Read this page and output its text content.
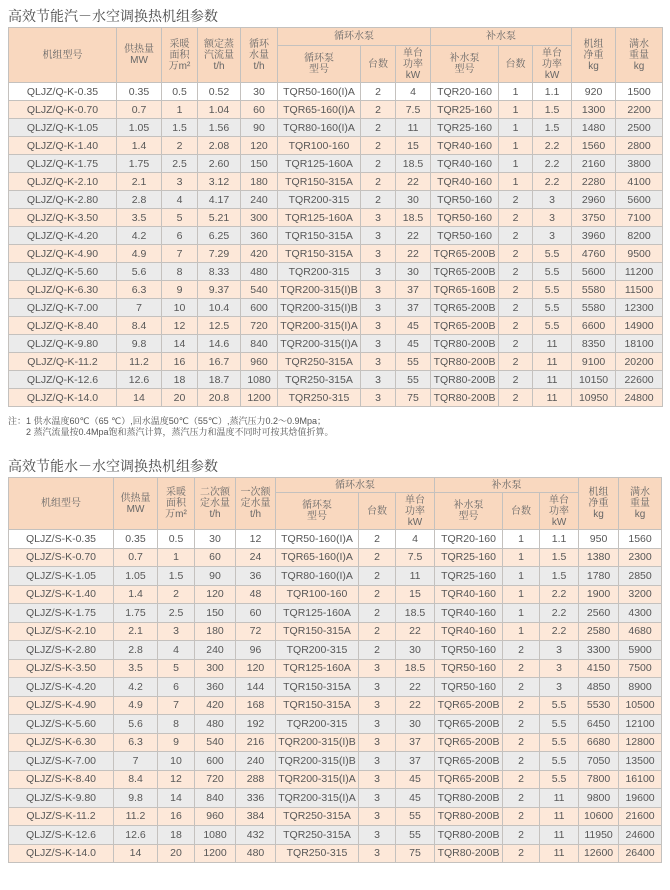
高效节能汽－水空调换热机组参数
机组型号	供热量
MW	采暖
面积
万m²	额定蒸
汽流量
t/h	循环
水量
t/h	循环水泵			补水泵			机组
净重
kg	满水
重量
kg
					循环泵
型号	台数	单台
功率
kW	补水泵
型号	台数	单台
功率
kW		
QLJZ/Q-K-0.35	0.35	0.5	0.52	30	TQR50-160(I)A	2	4	TQR20-160	1	1.1	920	1500
QLJZ/Q-K-0.70	0.7	1	1.04	60	TQR65-160(I)A	2	7.5	TQR25-160	1	1.5	1300	2200
QLJZ/Q-K-1.05	1.05	1.5	1.56	90	TQR80-160(I)A	2	11	TQR25-160	1	1.5	1480	2500
QLJZ/Q-K-1.40	1.4	2	2.08	120	TQR100-160	2	15	TQR40-160	1	2.2	1560	2800
QLJZ/Q-K-1.75	1.75	2.5	2.60	150	TQR125-160A	2	18.5	TQR40-160	1	2.2	2160	3800
QLJZ/Q-K-2.10	2.1	3	3.12	180	TQR150-315A	2	22	TQR40-160	1	2.2	2280	4100
QLJZ/Q-K-2.80	2.8	4	4.17	240	TQR200-315	2	30	TQR50-160	2	3	2960	5600
QLJZ/Q-K-3.50	3.5	5	5.21	300	TQR125-160A	3	18.5	TQR50-160	2	3	3750	7100
QLJZ/Q-K-4.20	4.2	6	6.25	360	TQR150-315A	3	22	TQR50-160	2	3	3960	8200
QLJZ/Q-K-4.90	4.9	7	7.29	420	TQR150-315A	3	22	TQR65-200B	2	5.5	4760	9500
QLJZ/Q-K-5.60	5.6	8	8.33	480	TQR200-315	3	30	TQR65-200B	2	5.5	5600	11200
QLJZ/Q-K-6.30	6.3	9	9.37	540	TQR200-315(I)B	3	37	TQR65-160B	2	5.5	5580	11500
QLJZ/Q-K-7.00	7	10	10.4	600	TQR200-315(I)B	3	37	TQR65-200B	2	5.5	5580	12300
QLJZ/Q-K-8.40	8.4	12	12.5	720	TQR200-315(I)A	3	45	TQR65-200B	2	5.5	6600	14900
QLJZ/Q-K-9.80	9.8	14	14.6	840	TQR200-315(I)A	3	45	TQR80-200B	2	11	8350	18100
QLJZ/Q-K-11.2	11.2	16	16.7	960	TQR250-315A	3	55	TQR80-200B	2	11	9100	20200
QLJZ/Q-K-12.6	12.6	18	18.7	1080	TQR250-315A	3	55	TQR80-200B	2	11	10150	22600
QLJZ/Q-K-14.0	14	20	20.8	1200	TQR250-315	3	75	TQR80-200B	2	11	10950	24800
注： 1 供水温度60℃（65 ℃）,回水温度50℃（55℃）,蒸汽压力0.2～0.9Mpa；
2 蒸汽流量按0.4Mpa饱和蒸汽计算，蒸汽压力和温度不同时可按其焓值折算。
高效节能水－水空调换热机组参数
机组型号	供热量
MW	采暖
面积
万m²	二次额
定水量
t/h	一次额
定水量
t/h	循环水泵			补水泵			机组
净重
kg	满水
重量
kg
					循环泵
型号	台数	单台
功率
kW	补水泵
型号	台数	单台
功率
kW		
QLJZ/S-K-0.35	0.35	0.5	30	12	TQR50-160(I)A	2	4	TQR20-160	1	1.1	950	1560
QLJZ/S-K-0.70	0.7	1	60	24	TQR65-160(I)A	2	7.5	TQR25-160	1	1.5	1380	2300
QLJZ/S-K-1.05	1.05	1.5	90	36	TQR80-160(I)A	2	11	TQR25-160	1	1.5	1780	2850
QLJZ/S-K-1.40	1.4	2	120	48	TQR100-160	2	15	TQR40-160	1	2.2	1900	3200
QLJZ/S-K-1.75	1.75	2.5	150	60	TQR125-160A	2	18.5	TQR40-160	1	2.2	2560	4300
QLJZ/S-K-2.10	2.1	3	180	72	TQR150-315A	2	22	TQR40-160	1	2.2	2580	4680
QLJZ/S-K-2.80	2.8	4	240	96	TQR200-315	2	30	TQR50-160	2	3	3300	5900
QLJZ/S-K-3.50	3.5	5	300	120	TQR125-160A	3	18.5	TQR50-160	2	3	4150	7500
QLJZ/S-K-4.20	4.2	6	360	144	TQR150-315A	3	22	TQR50-160	2	3	4850	8900
QLJZ/S-K-4.90	4.9	7	420	168	TQR150-315A	3	22	TQR65-200B	2	5.5	5530	10500
QLJZ/S-K-5.60	5.6	8	480	192	TQR200-315	3	30	TQR65-200B	2	5.5	6450	12100
QLJZ/S-K-6.30	6.3	9	540	216	TQR200-315(I)B	3	37	TQR65-200B	2	5.5	6680	12800
QLJZ/S-K-7.00	7	10	600	240	TQR200-315(I)B	3	37	TQR65-200B	2	5.5	7050	13500
QLJZ/S-K-8.40	8.4	12	720	288	TQR200-315(I)A	3	45	TQR65-200B	2	5.5	7800	16100
QLJZ/S-K-9.80	9.8	14	840	336	TQR200-315(I)A	3	45	TQR80-200B	2	11	9800	19600
QLJZ/S-K-11.2	11.2	16	960	384	TQR250-315A	3	55	TQR80-200B	2	11	10600	21600
QLJZ/S-K-12.6	12.6	18	1080	432	TQR250-315A	3	55	TQR80-200B	2	11	11950	24600
QLJZ/S-K-14.0	14	20	1200	480	TQR250-315	3	75	TQR80-200B	2	11	12600	26400
